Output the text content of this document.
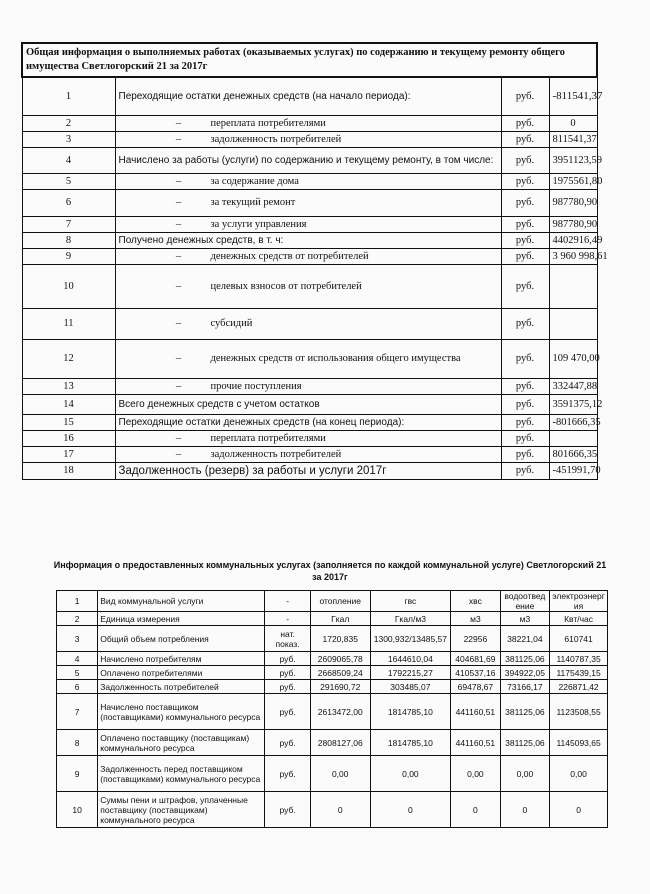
Общая информация о выполняемых работах (оказываемых услугах) по содержанию и текущему ремонту общего имущества Светлогорский 21 за 2017г			
1	Переходящие остатки денежных средств (на начало периода):	руб.	-811541,37
2	– переплата потребителями	руб.	0
3	– задолженность потребителей	руб.	811541,37
4	Начислено за работы (услуги) по содержанию и текущему ремонту, в том числе:	руб.	3951123,59
5	– за содержание дома	руб.	1975561,80
6	– за текущий ремонт	руб.	987780,90
7	– за услуги управления	руб.	987780,90
8	Получено денежных средств, в т. ч:	руб.	4402916,49
9	– денежных средств от потребителей	руб.	3 960 998,61
10	– целевых взносов от потребителей	руб.	
11	– субсидий	руб.	
12	– денежных средств от использования общего имущества	руб.	109 470,00
13	– прочие поступления	руб.	332447,88
14	Всего денежных средств с учетом остатков	руб.	3591375,12
15	Переходящие остатки денежных средств (на конец периода):	руб.	-801666,35
16	– переплата потребителями	руб.	
17	– задолженность потребителей	руб.	801666,35
18	Задолженность (резерв) за работы и услуги 2017г	руб.	-451991,70
Информация о предоставленных коммунальных услугах (заполняется по каждой коммунальной услуге) Светлогорский 21 за 2017г
1	Вид коммунальной услуги	-	отопление	гвс	хвс	водоотведение	электроэнергия
2	Единица измерения	-	Гкал	Гкал/м3	м3	м3	Квт/час
3	Общий объем потребления	нат. показ.	1720,835	1300,932/13485,57	22956	38221,04	610741
4	Начислено потребителям	руб.	2609065,78	1644610,04	404681,69	381125,06	1140787,35
5	Оплачено потребителями	руб.	2668509,24	1792215,27	410537,16	394922,05	1175439,15
6	Задолженность потребителей	руб.	291690,72	303485,07	69478,67	73166,17	226871,42
7	Начислено поставщиком (поставщиками) коммунального ресурса	руб.	2613472,00	1814785,10	441160,51	381125,06	1123508,55
8	Оплачено поставщику (поставщикам) коммунального ресурса	руб.	2808127,06	1814785,10	441160,51	381125,06	1145093,65
9	Задолженность перед поставщиком (поставщиками) коммунального ресурса	руб.	0,00	0,00	0,00	0,00	0,00
10	Суммы пени и штрафов, уплаченные поставщику (поставщикам) коммунального ресурса	руб.	0	0	0	0	0
